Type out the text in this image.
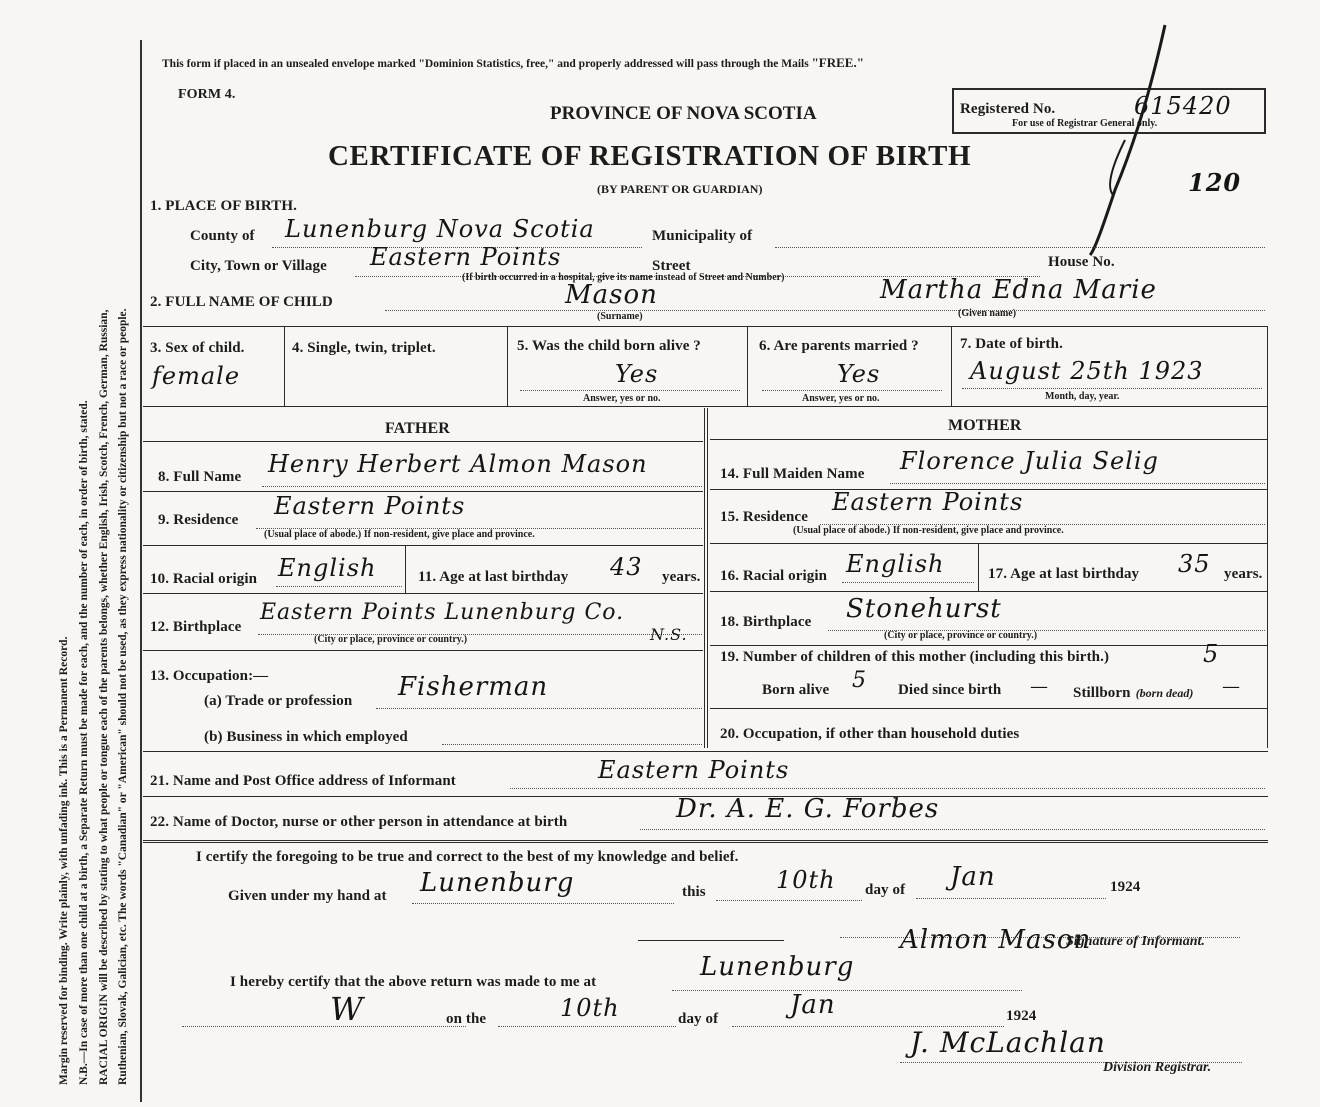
Margin reserved for binding. Write plainly, with unfading ink. This is a Permanent Record. N.B.—In case of more than one child at a birth, a Separate Return must be made for each, and the number of each, in order of birth, stated. RACIAL ORIGIN will be described by stating to what people or tongue each of the parents belongs, whether English, Irish, Scotch, French, German, Russian, Ruthenian, Slovak, Galician, etc. The words "Canadian" or "American" should not be used, as they express nationality or citizenship but not a race or people.
This form if placed in an unsealed envelope marked "Dominion Statistics, free," and properly addressed will pass through the Mails "FREE."
FORM 4.
PROVINCE OF NOVA SCOTIA
CERTIFICATE OF REGISTRATION OF BIRTH
(BY PARENT OR GUARDIAN)
Registered No.	615420
For use of Registrar General only.
120
1. PLACE OF BIRTH.
County of Lunenburg Nova Scotia	Municipality of
City, Town or Village Eastern Points	Street	House No.
(If birth occurred in a hospital, give its name instead of Street and Number)
2. FULL NAME OF CHILD	Mason
(Surname)
Martha Edna Marie
(Given name)
3. Sex of child.
female
4. Single, twin, triplet.	5. Was the child born alive ?
Yes
Answer, yes or no.
6. Are parents married ?
Yes
Answer, yes or no.
7. Date of birth.
August 25th 1923
Month, day, year.
FATHER	MOTHER
8. Full Name Henry Herbert Almon Mason
9. Residence Eastern Points
(Usual place of abode.) If non-resident, give place and province.
10. Racial origin English	11. Age at last birthday 43 years.
12. Birthplace
Eastern Points Lunenburg Co.
N.S.
(City or place, province or country.)
13. Occupation:—
(a) Trade or profession Fisherman
(b) Business in which employed
14. Full Maiden Name Florence Julia Selig
15. Residence
Eastern Points
(Usual place of abode.) If non-resident, give place and province.
16. Racial origin English	17. Age at last birthday 35 years.
18. Birthplace Stonehurst
(City or place, province or country.)
19. Number of children of this mother (including this birth.)	5
Born alive 5 Died since birth — Stillborn (born dead) —
20. Occupation, if other than household duties
21. Name and Post Office address of Informant	Eastern Points
22. Name of Doctor, nurse or other person in attendance at birth	Dr. A. E. G. Forbes
I certify the foregoing to be true and correct to the best of my knowledge and belief.
Given under my hand at Lunenburg	this	10th day of Jan	1924
Almon Mason
Signature of Informant.
I hereby certify that the above return was made to me at	Lunenburg
W	on the	10th	day of	Jan	1924
J. McLachlan
Division Registrar.
